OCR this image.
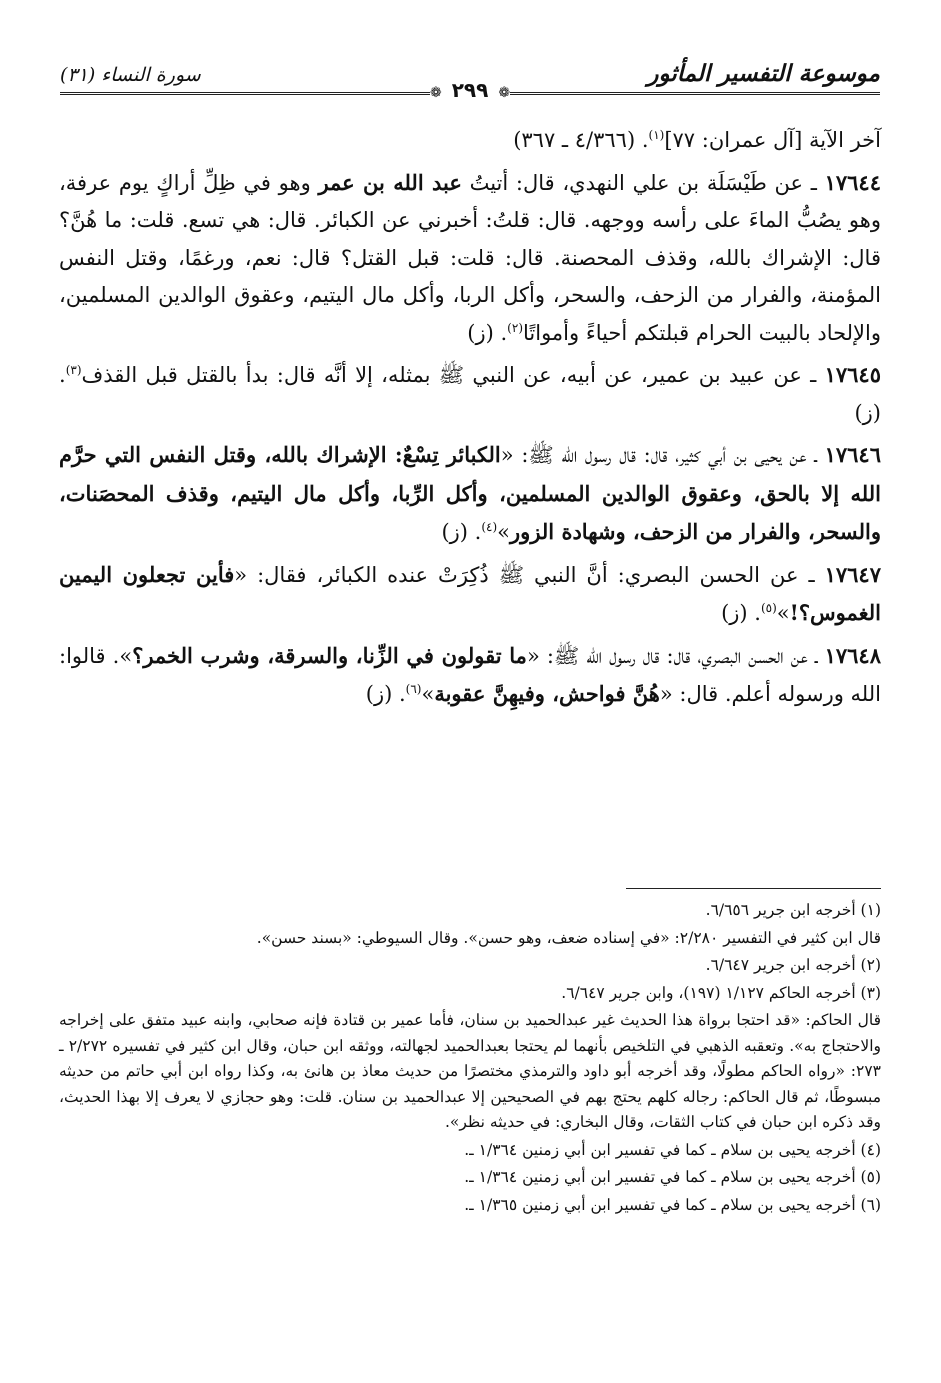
موسوعة التفسير المأثور
سورة النساء (٣١)
❁٢٩٩❁

آخر الآية [آل عمران: ٧٧]$^{(١)}$. (٤/٣٦٦ ـ ٣٦٧)

١٧٦٤٤ ـ عن طَيْسَلَة بن علي النهدي، قال: أتيتُ عبد الله بن عمر وهو في ظِلِّ أراكٍ يوم عرفة، وهو يصُبُّ الماءَ على رأسه ووجهه. قال: قلتُ: أخبرني عن الكبائر. قال: هي تسع. قلت: ما هُنَّ؟ قال: الإشراك بالله، وقذف المحصنة. قال: قلت: قبل القتل؟ قال: نعم، ورغمًا، وقتل النفس المؤمنة، والفرار من الزحف، والسحر، وأكل الربا، وأكل مال اليتيم، وعقوق الوالدين المسلمين، والإلحاد بالبيت الحرام قبلتكم أحياءً وأمواتًا$^{(٢)}$. (ز)

١٧٦٤٥ ـ عن عبيد بن عمير، عن أبيه، عن النبي ﷺ بمثله، إلا أنَّه قال: بدأ بالقتل قبل القذف$^{(٣)}$. (ز)

١٧٦٤٦ ـ عن يحيى بن أبي كثير، قال: قال رسول الله ﷺ: «الكبائر تِسْعٌ: الإشراك بالله، وقتل النفس التي حرَّم الله إلا بالحق، وعقوق الوالدين المسلمين، وأكل الرِّبا، وأكل مال اليتيم، وقذف المحصَنات، والسحر، والفرار من الزحف، وشهادة الزور»$^{(٤)}$. (ز)

١٧٦٤٧ ـ عن الحسن البصري: أنَّ النبي ﷺ ذُكِرَتْ عنده الكبائر، فقال: «فأين تجعلون اليمين الغموس؟!»$^{(٥)}$. (ز)

١٧٦٤٨ ـ عن الحسن البصري، قال: قال رسول الله ﷺ: «ما تقولون في الزِّنا، والسرقة، وشرب الخمر؟». قالوا: الله ورسوله أعلم. قال: «هُنَّ فواحش، وفيهِنَّ عقوبة»$^{(٦)}$. (ز)

(١) أخرجه ابن جرير ٦/٦٥٦.
قال ابن كثير في التفسير ٢/٢٨٠: «في إسناده ضعف، وهو حسن». وقال السيوطي: «بسند حسن».
(٢) أخرجه ابن جرير ٦/٦٤٧.
(٣) أخرجه الحاكم ١/١٢٧ (١٩٧)، وابن جرير ٦/٦٤٧.
قال الحاكم: «قد احتجا برواة هذا الحديث غير عبدالحميد بن سنان، فأما عمير بن قتادة فإنه صحابي، وابنه عبيد متفق على إخراجه والاحتجاج به». وتعقبه الذهبي في التلخيص بأنهما لم يحتجا بعبدالحميد لجهالته، ووثقه ابن حبان، وقال ابن كثير في تفسيره ٢/٢٧٢ ـ ٢٧٣: «رواه الحاكم مطولًا، وقد أخرجه أبو داود والترمذي مختصرًا من حديث معاذ بن هانئ به، وكذا رواه ابن أبي حاتم من حديثه مبسوطًا، ثم قال الحاكم: رجاله كلهم يحتج بهم في الصحيحين إلا عبدالحميد بن سنان. قلت: وهو حجازي لا يعرف إلا بهذا الحديث، وقد ذكره ابن حبان في كتاب الثقات، وقال البخاري: في حديثه نظر».
(٤) أخرجه يحيى بن سلام ـ كما في تفسير ابن أبي زمنين ١/٣٦٤ ـ.
(٥) أخرجه يحيى بن سلام ـ كما في تفسير ابن أبي زمنين ١/٣٦٤ ـ.
(٦) أخرجه يحيى بن سلام ـ كما في تفسير ابن أبي زمنين ١/٣٦٥ ـ.
